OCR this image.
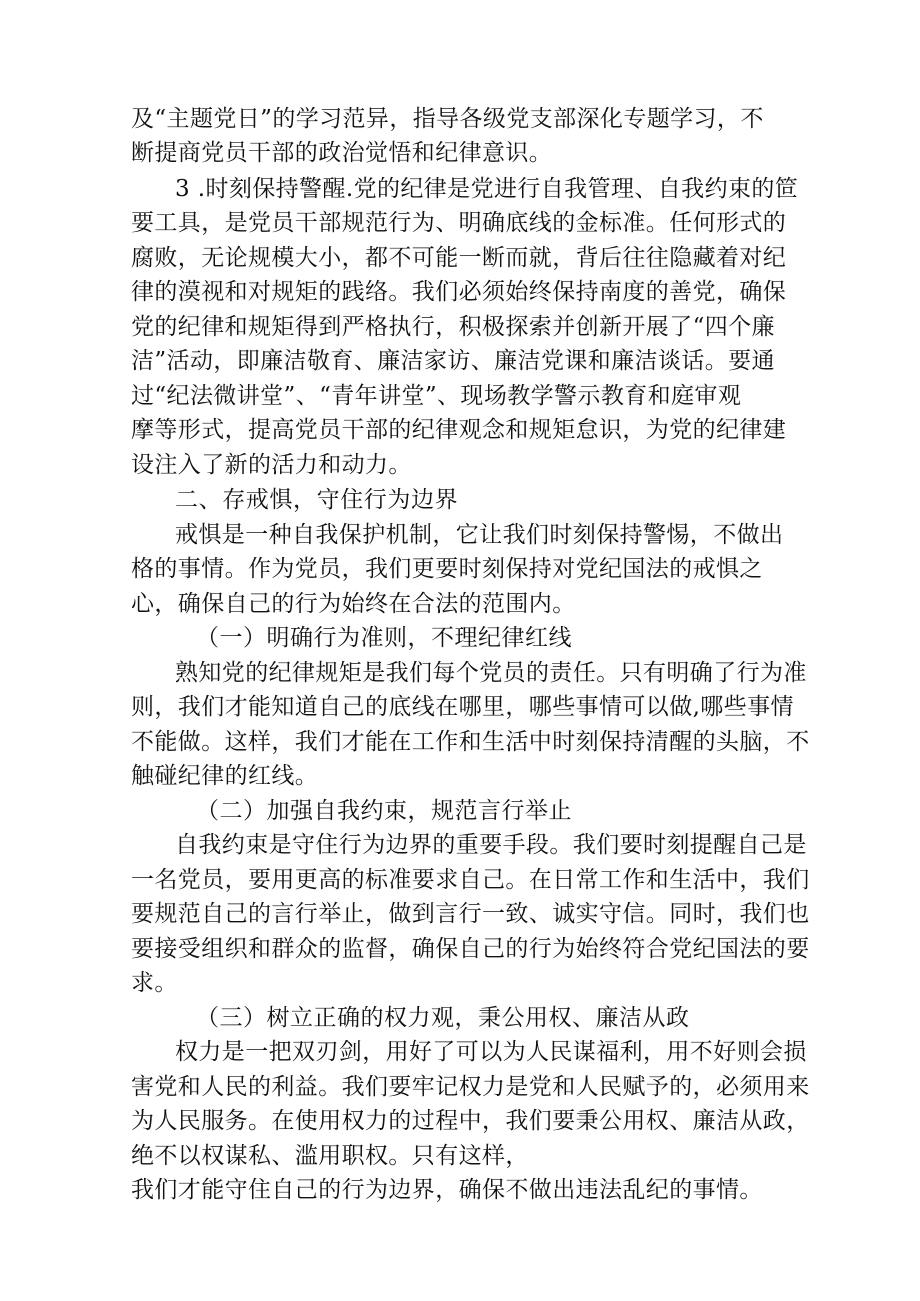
及“主题党日”的学习范异，指导各级党支部深化专题学习，不
断提商党员干部的政治觉悟和纪律意识。
3 .时刻保持警醒.党的纪律是党进行自我管理、自我约束的笸
要工具，是党员干部规范行为、明确底线的金标准。任何形式的
腐败，无论规模大小，都不可能一断而就，背后往往隐藏着对纪
律的漠视和对规矩的践络。我们必须始终保持南度的善党，确保
党的纪律和规矩得到严格执行，积极探索并创新开展了“四个廉
洁”活动，即廉洁敬育、廉洁家访、廉洁党课和廉洁谈话。要通
过“纪法微讲堂”、“青年讲堂”、现场教学警示教育和庭审观
摩等形式，提高党员干部的纪律观念和规矩怠识，为党的纪律建
设注入了新的活力和动力。
二、存戒惧，守住行为边界
戒惧是一种自我保护机制，它让我们时刻保持警惕，不做出
格的事情。作为党员，我们更要时刻保持对党纪国法的戒惧之
心，确保自己的行为始终在合法的范围内。
（一）明确行为准则，不理纪律红线
熟知党的纪律规矩是我们每个党员的责任。只有明确了行为准
则，我们才能知道自己的底线在哪里，哪些事情可以做,哪些事情
不能做。这样，我们才能在工作和生活中时刻保持清醒的头脑，不
触碰纪律的红线。
（二）加强自我约束，规范言行举止
自我约束是守住行为边界的重要手段。我们要时刻提醒自己是
一名党员，要用更高的标准要求自己。在日常工作和生活中，我们
要规范自己的言行举止，做到言行一致、诚实守信。同时，我们也
要接受组织和群众的监督，确保自己的行为始终符合党纪国法的要
求。
（三）树立正确的权力观，秉公用权、廉洁从政
权力是一把双刃剑，用好了可以为人民谋福利，用不好则会损
害党和人民的利益。我们要牢记权力是党和人民赋予的，必须用来
为人民服务。在使用权力的过程中，我们要秉公用权、廉洁从政，
绝不以权谋私、滥用职权。只有这样，
我们才能守住自己的行为边界，确保不做出违法乱纪的事情。
